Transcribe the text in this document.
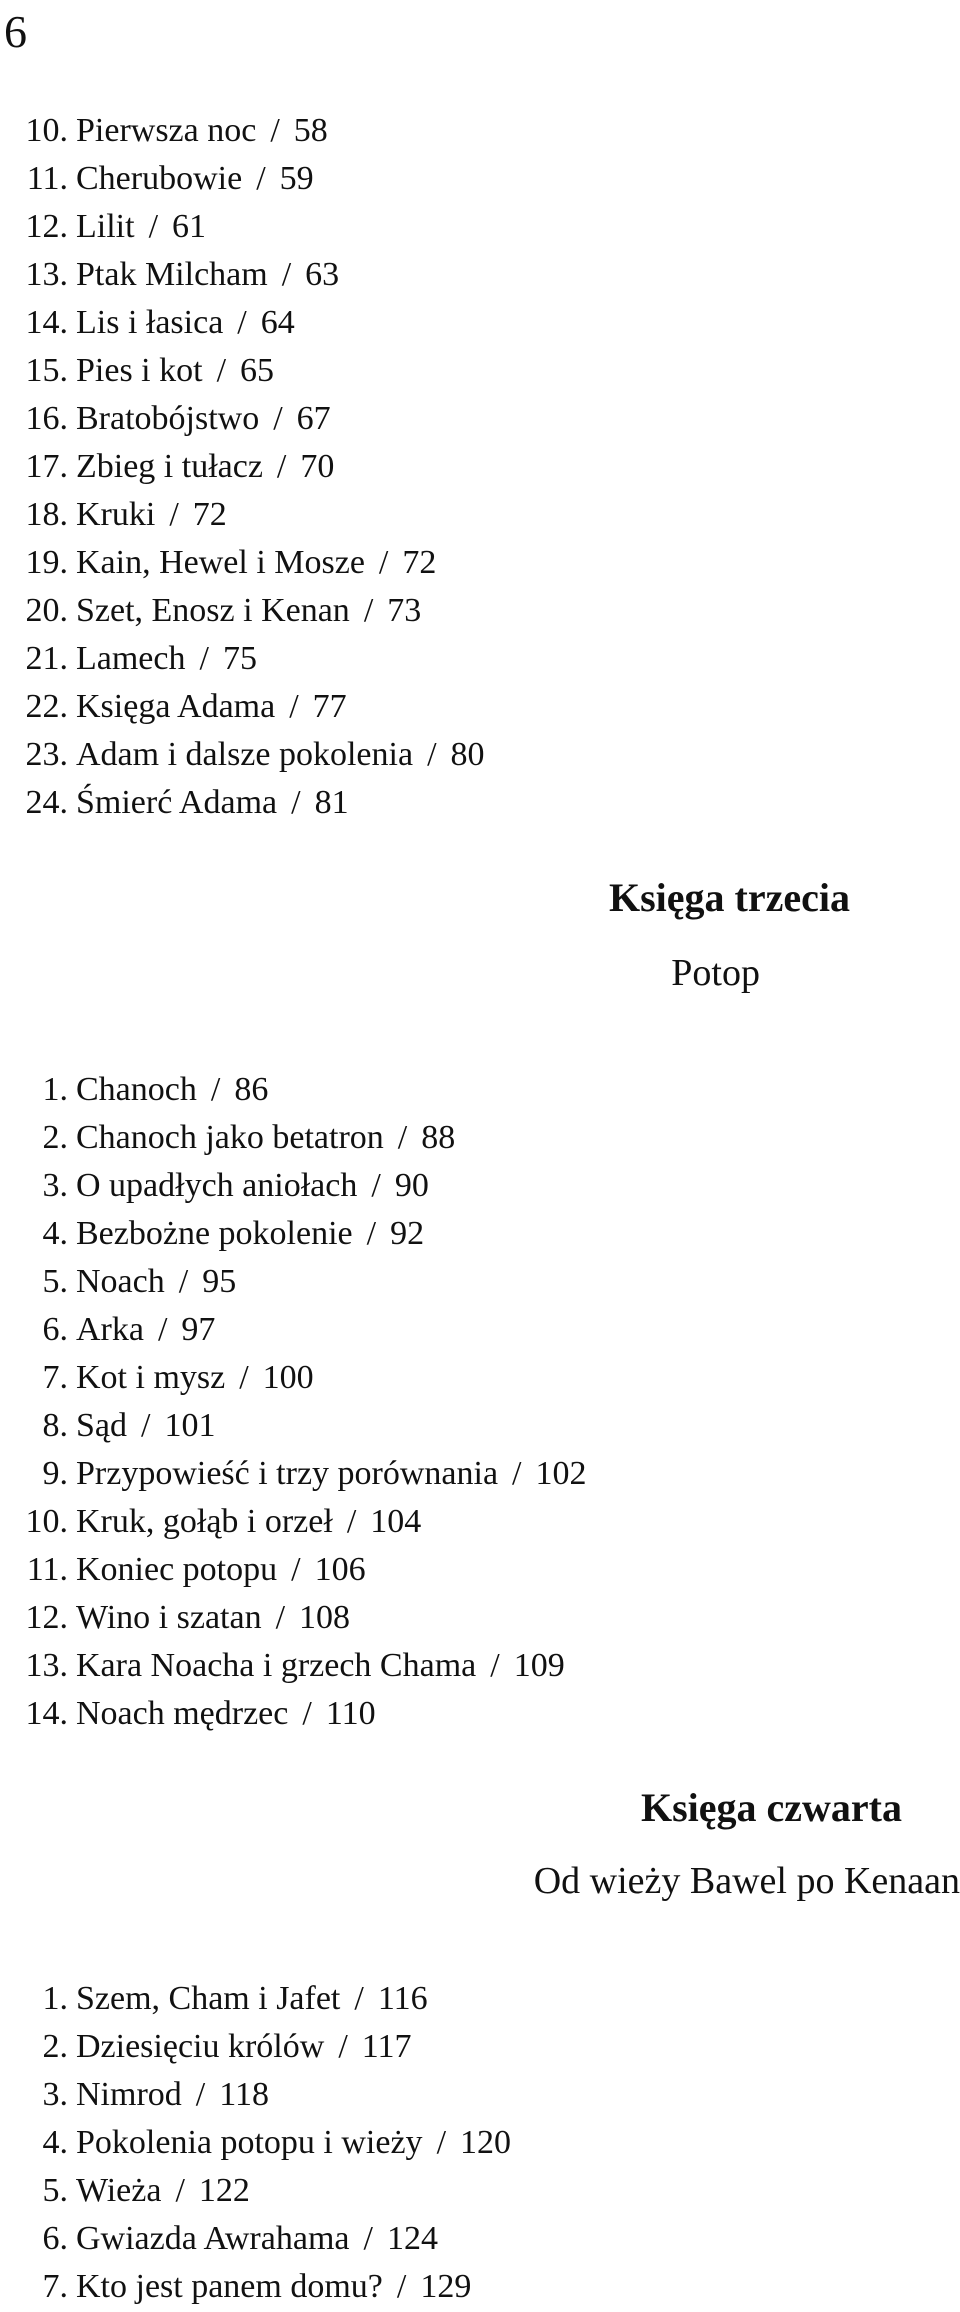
6
10. Pierwsza noc / 58
11. Cherubowie / 59
12. Lilit / 61
13. Ptak Milcham / 63
14. Lis i łasica / 64
15. Pies i kot / 65
16. Bratobójstwo / 67
17. Zbieg i tułacz / 70
18. Kruki / 72
19. Kain, Hewel i Mosze / 72
20. Szet, Enosz i Kenan / 73
21. Lamech / 75
22. Księga Adama / 77
23. Adam i dalsze pokolenia / 80
24. Śmierć Adama / 81
Księga trzecia
Potop
1. Chanoch / 86
2. Chanoch jako betatron / 88
3. O upadłych aniołach / 90
4. Bezbożne pokolenie / 92
5. Noach / 95
6. Arka / 97
7. Kot i mysz / 100
8. Sąd / 101
9. Przypowieść i trzy porównania / 102
10. Kruk, gołąb i orzeł / 104
11. Koniec potopu / 106
12. Wino i szatan / 108
13. Kara Noacha i grzech Chama / 109
14. Noach mędrzec / 110
Księga czwarta
Od wieży Bawel po Kenaan
1. Szem, Cham i Jafet / 116
2. Dziesięciu królów / 117
3. Nimrod / 118
4. Pokolenia potopu i wieży / 120
5. Wieża / 122
6. Gwiazda Awrahama / 124
7. Kto jest panem domu? / 129
